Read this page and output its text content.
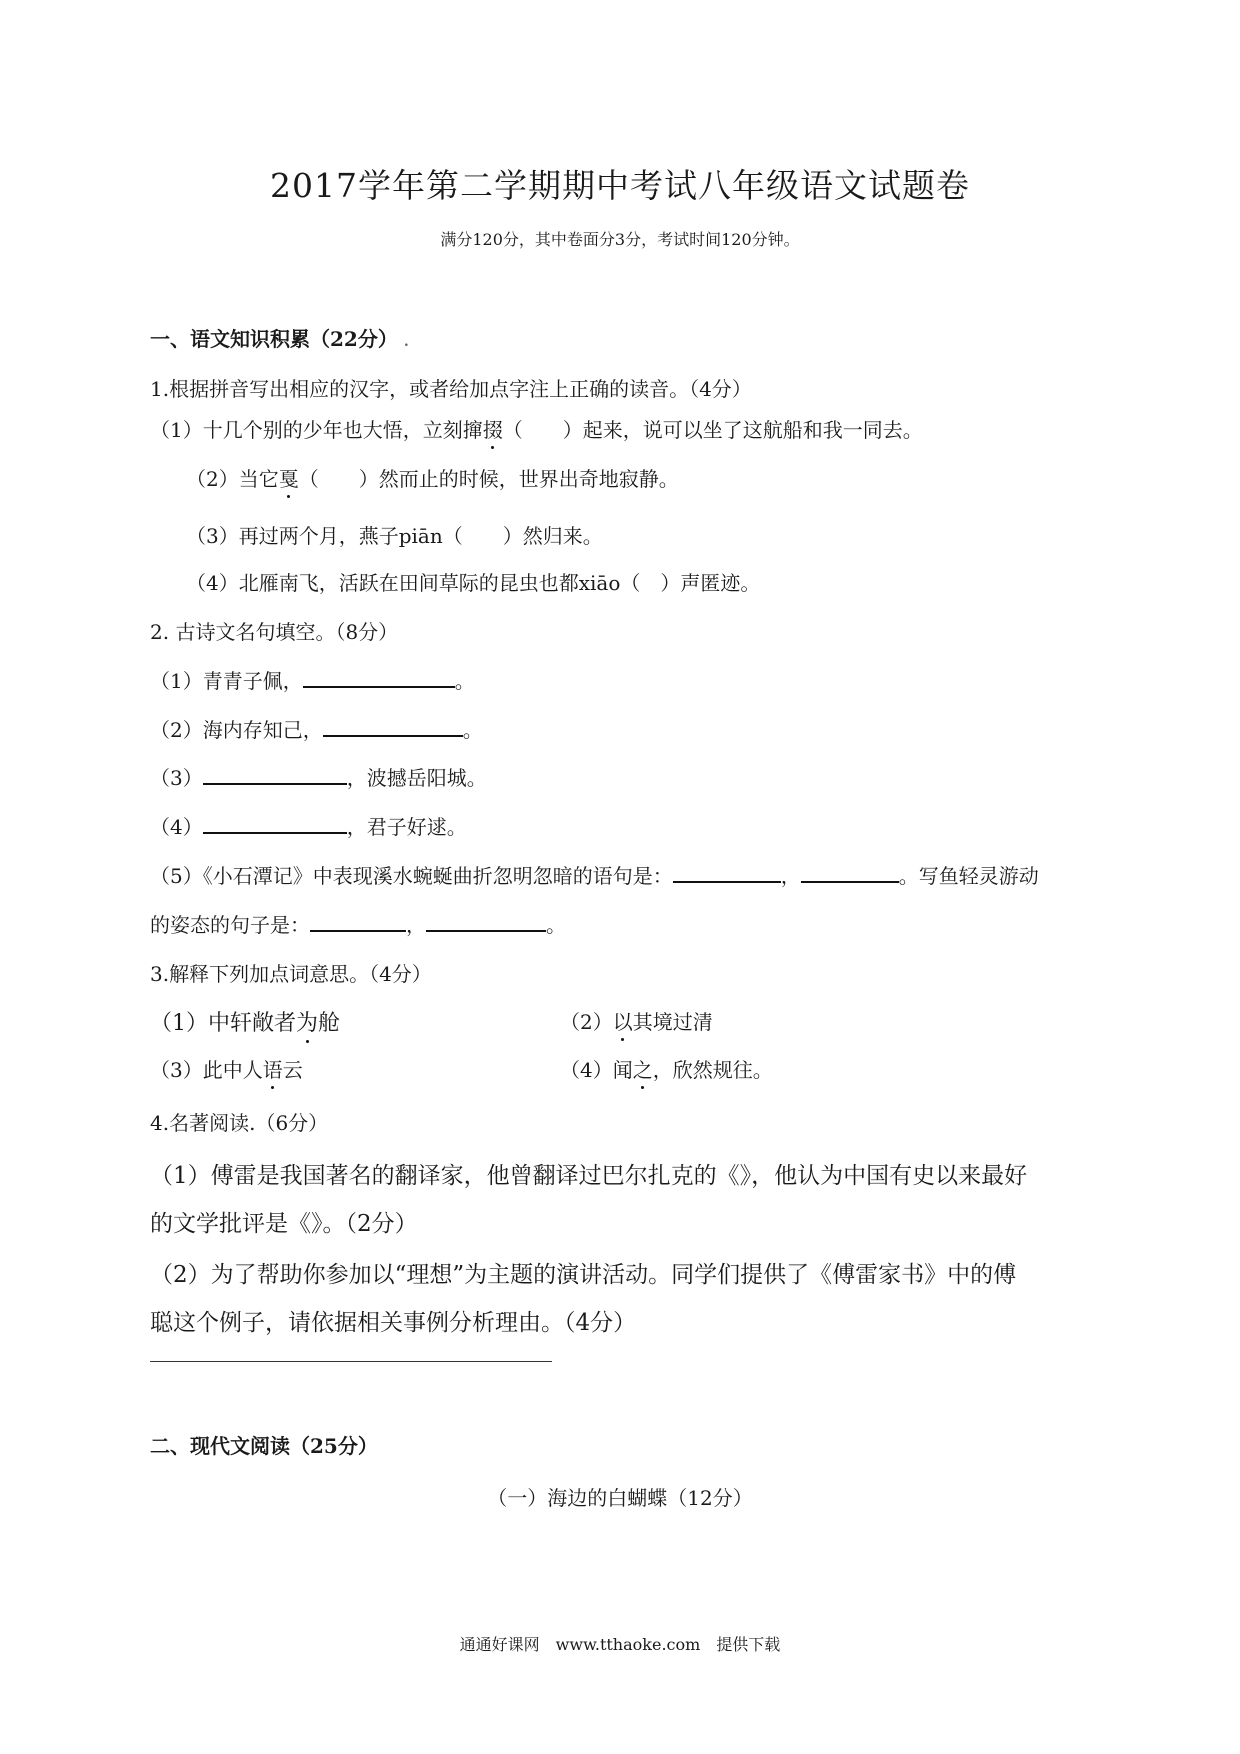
2017学年第二学期期中考试八年级语文试题卷
满分120分，其中卷面分3分，考试时间120分钟。
一、语文知识积累（22分） .
1.根据拼音写出相应的汉字，或者给加点字注上正确的读音。（4分）
（1）十几个别的少年也大悟，立刻撺掇（　　）起来，说可以坐了这航船和我一同去。
（2）当它戛（　　）然而止的时候，世界出奇地寂静。
（3）再过两个月，燕子piān（　　）然归来。
（4）北雁南飞，活跃在田间草际的昆虫也都xiāo（　）声匿迹。
2. 古诗文名句填空。（8分）
（1）青青子佩，	。
（2）海内存知己，	。
（3）	，波撼岳阳城。
（4）	，君子好逑。
（5）《小石潭记》中表现溪水蜿蜒曲折忽明忽暗的语句是：	，	。写鱼轻灵游动
的姿态的句子是：	，	。
3.解释下列加点词意思。（4分）
（1）中轩敞者为舱	（2）以其境过清
（3）此中人语云	（4）闻之，欣然规往。
4.名著阅读.（6分）
（1）傅雷是我国著名的翻译家，他曾翻译过巴尔扎克的《》，他认为中国有史以来最好
的文学批评是《》。（2分）
（2）为了帮助你参加以“理想”为主题的演讲活动。同学们提供了《傅雷家书》中的傅
聪这个例子，请依据相关事例分析理由。（4分）
二、现代文阅读（25分）
（一）海边的白蝴蝶（12分）
通通好课网　www.tthaoke.com　提供下载
